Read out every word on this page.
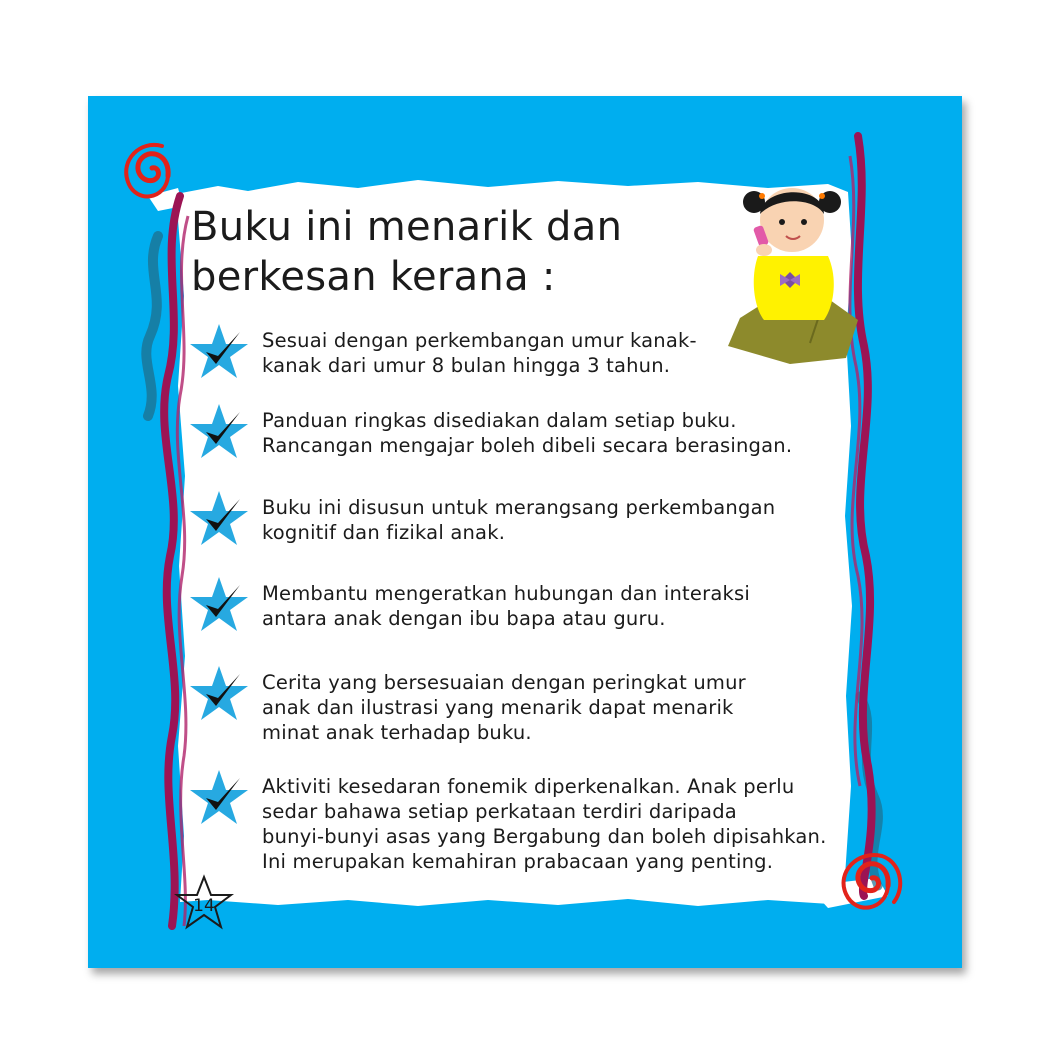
Buku ini menarik dan
berkesan kerana :
Sesuai dengan perkembangan umur kanak-
kanak dari umur 8 bulan hingga 3 tahun.
Panduan ringkas disediakan dalam setiap buku.
Rancangan mengajar boleh dibeli secara berasingan.
Buku ini disusun untuk merangsang perkembangan
kognitif dan fizikal anak.
Membantu mengeratkan hubungan dan interaksi
antara anak dengan ibu bapa atau guru.
Cerita yang bersesuaian dengan peringkat umur
anak dan ilustrasi yang menarik dapat menarik
minat anak terhadap buku.
Aktiviti kesedaran fonemik diperkenalkan. Anak perlu
sedar bahawa setiap perkataan terdiri daripada
bunyi-bunyi asas yang Bergabung dan boleh dipisahkan.
Ini merupakan kemahiran prabacaan yang penting.
14
